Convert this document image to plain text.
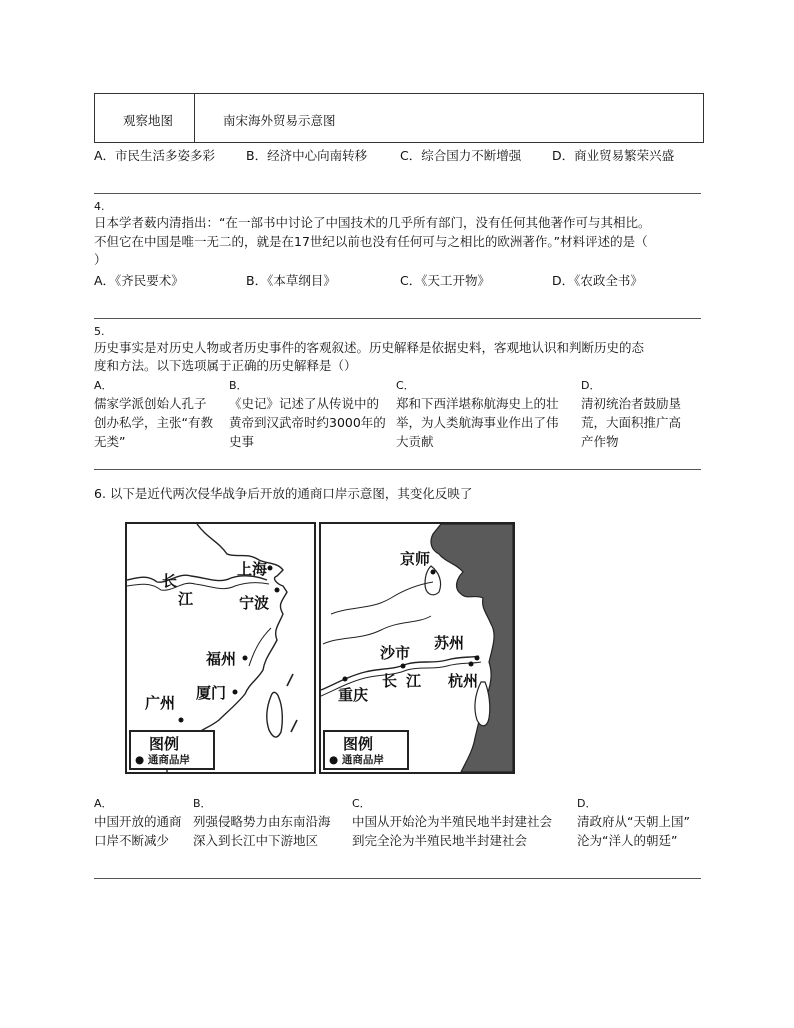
观察地图	南宋海外贸易示意图
A．市民生活多姿多彩 B．经济中心向南转移	C．综合国力不断增强 D．商业贸易繁荣兴盛
4.
日本学者薮内清指出：“在一部书中讨论了中国技术的几乎所有部门，没有任何其他著作可与其相比。
不但它在中国是唯一无二的，就是在17世纪以前也没有任何可与之相比的欧洲著作。”材料评述的是（
）
A．《齐民要术》	B．《本草纲目》	C．《天工开物》	D．《农政全书》
5.
历史事实是对历史人物或者历史事件的客观叙述。历史解释是依据史料，客观地认识和判断历史的态
度和方法。以下选项属于正确的历史解释是（）
A．
儒家学派创始人孔子
创办私学，主张“有教
无类”
B．
《史记》记述了从传说中的
黄帝到汉武帝时约3000年的
史事
C．
郑和下西洋堪称航海史上的壮
举，为人类航海事业作出了伟
大贡献
D．
清初统治者鼓励垦
荒，大面积推广高
产作物
6. 以下是近代两次侵华战争后开放的通商口岸示意图，其变化反映了
上海
宁波
福州
厦门
广州
长
江
图例
● 通商品岸
京师
苏州
沙市
杭州
重庆
长 江
图例
● 通商品岸
A．
中国开放的通商
口岸不断减少
B．
列强侵略势力由东南沿海
深入到长江中下游地区
C．
中国从开始沦为半殖民地半封建社会
到完全沦为半殖民地半封建社会
D．
清政府从“天朝上国”
沦为“洋人的朝廷”
